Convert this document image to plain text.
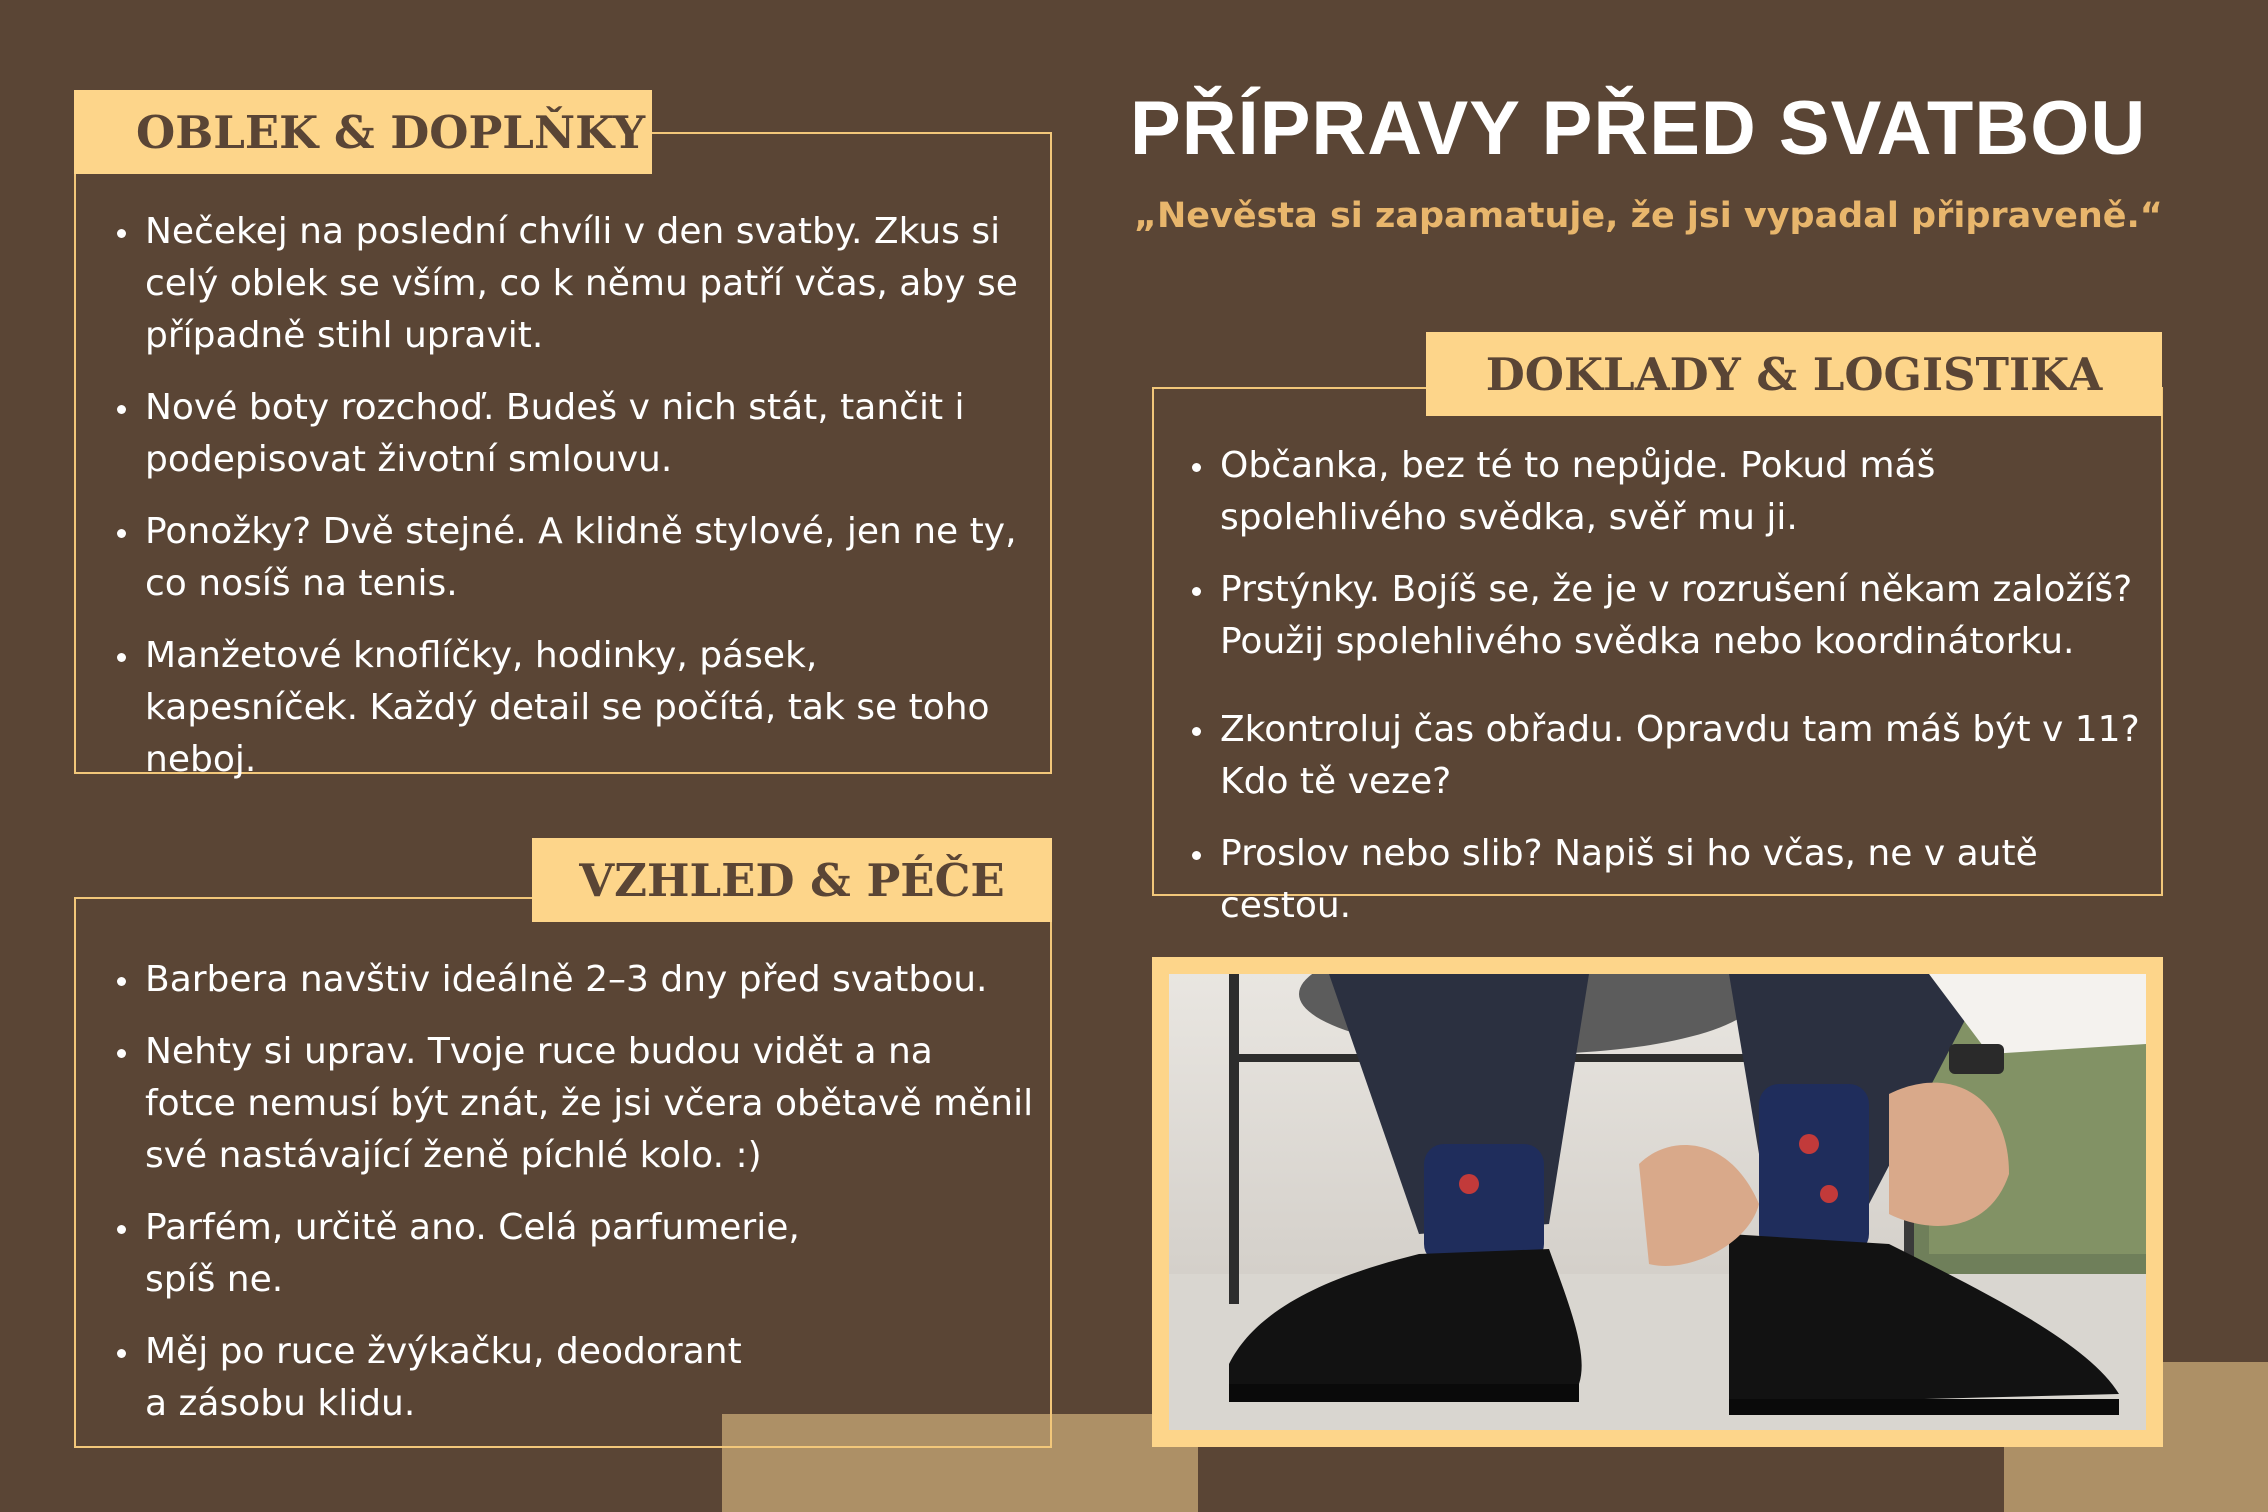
PŘÍPRAVY PŘED SVATBOU
„Nevěsta si zapamatuje, že jsi vypadal připraveně.“
OBLEK & DOPLŇKY
Nečekej na poslední chvíli v den svatby. Zkus si celý oblek se vším, co k němu patří včas, aby se případně stihl upravit.
Nové boty rozchoď. Budeš v nich stát, tančit i podepisovat životní smlouvu.
Ponožky? Dvě stejné. A klidně stylové, jen ne ty, co nosíš na tenis.
Manžetové knoflíčky, hodinky, pásek, kapesníček. Každý detail se počítá, tak se toho neboj.
VZHLED & PÉČE
Barbera navštiv ideálně 2–3 dny před svatbou.
Nehty si uprav. Tvoje ruce budou vidět a na fotce nemusí být znát, že jsi včera obětavě měnil své nastávající ženě píchlé kolo. :)
Parfém, určitě ano. Celá parfumerie, spíš ne.
Měj po ruce žvýkačku, deodorant a zásobu klidu.
DOKLADY & LOGISTIKA
Občanka, bez té to nepůjde. Pokud máš spolehlivého svědka, svěř mu ji.
Prstýnky. Bojíš se, že je v rozrušení někam založíš? Použij spolehlivého svědka nebo koordinátorku.
Zkontroluj čas obřadu. Opravdu tam máš být v 11? Kdo tě veze?
Proslov nebo slib? Napiš si ho včas, ne v autě cestou.
